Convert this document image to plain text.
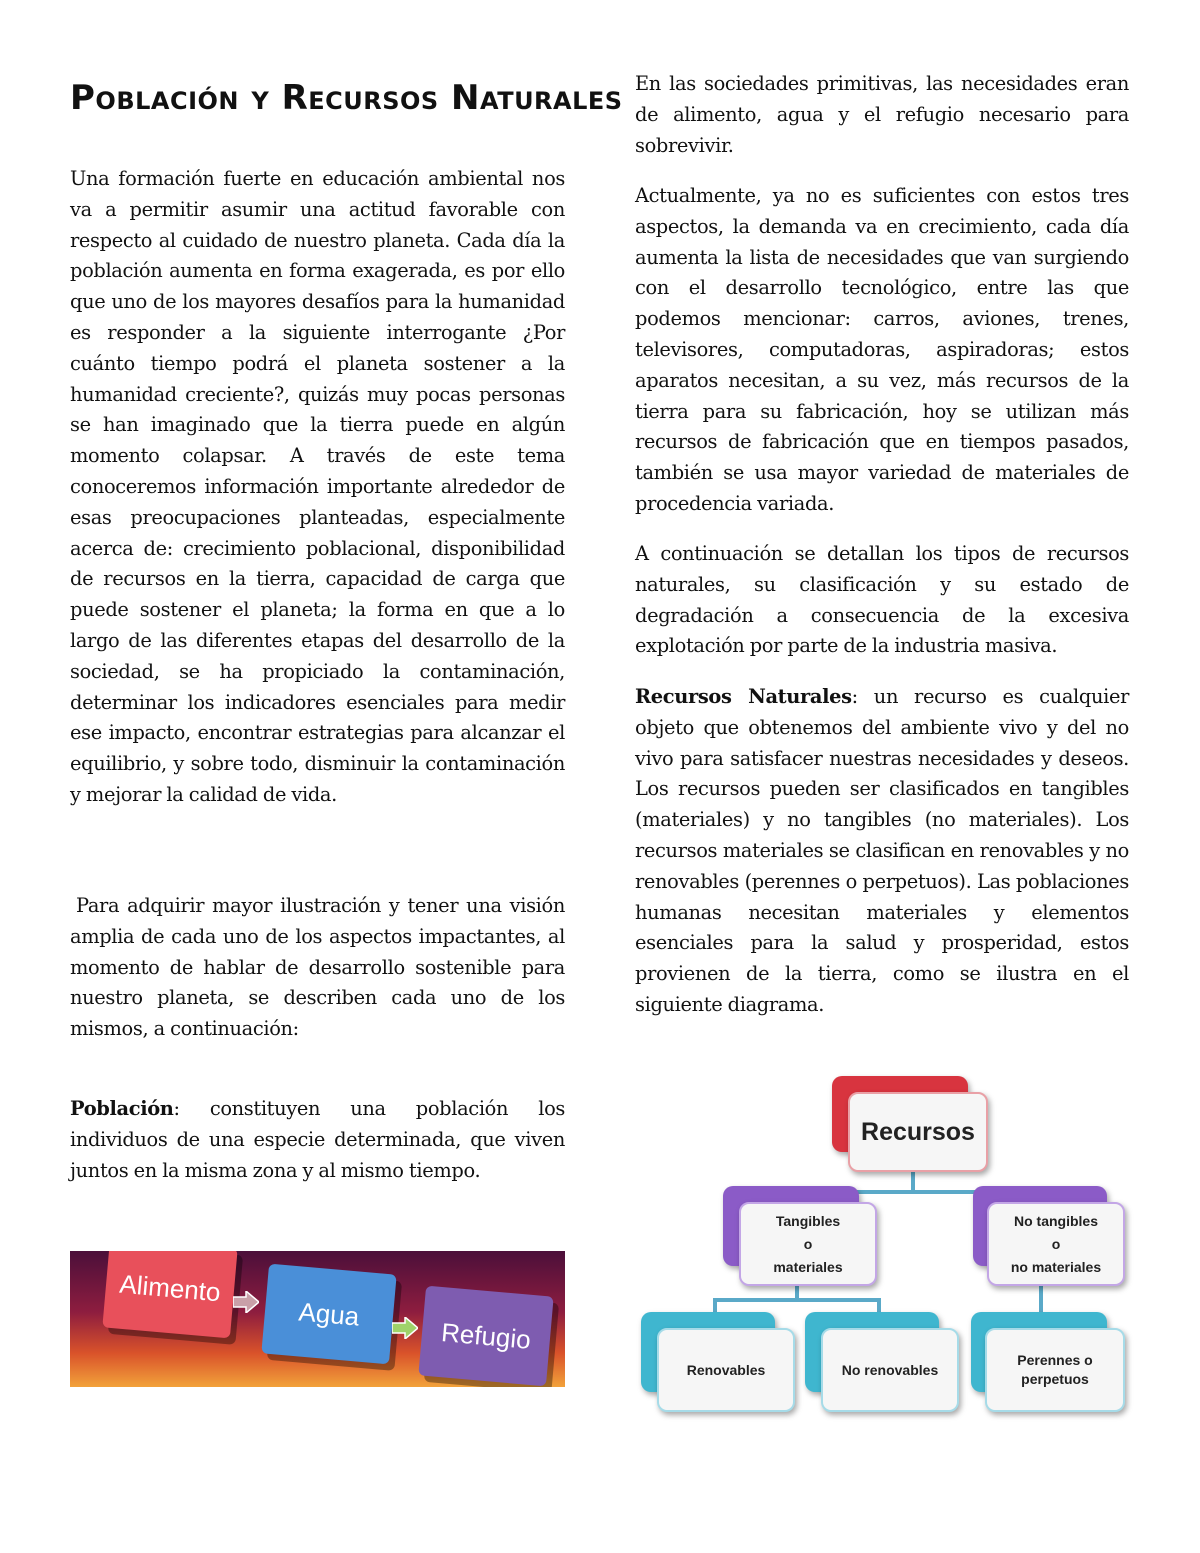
Población y Recursos Naturales

Una formación fuerte en educación ambiental nos va a permitir asumir una actitud favorable con respecto al cuidado de nuestro planeta. Cada día la población aumenta en forma exagerada, es por ello que uno de los mayores desafíos para la humanidad es responder a la siguiente interrogante ¿Por cuánto tiempo podrá el planeta sostener a la humanidad creciente?, quizás muy pocas personas se han imaginado que la tierra puede en algún momento colapsar. A través de este tema conoceremos información importante alrededor de esas preocupaciones planteadas, especialmente acerca de: crecimiento poblacional, disponibilidad de recursos en la tierra, capacidad de carga que puede sostener el planeta; la forma en que a lo largo de las diferentes etapas del desarrollo de la sociedad, se ha propiciado la contaminación, determinar los indicadores esenciales para medir ese impacto, encontrar estrategias para alcanzar el equilibrio, y sobre todo, disminuir la contaminación y mejorar la calidad de vida.

Para adquirir mayor ilustración y tener una visión amplia de cada uno de los aspectos impactantes, al momento de hablar de desarrollo sostenible para nuestro planeta, se describen cada uno de los mismos, a continuación:

Población: constituyen una población los individuos de una especie determinada, que viven juntos en la misma zona y al mismo tiempo.

Alimento
Agua
Refugio

En las sociedades primitivas, las necesidades eran de alimento, agua y el refugio necesario para sobrevivir.

Actualmente, ya no es suficientes con estos tres aspectos, la demanda va en crecimiento, cada día aumenta la lista de necesidades que van surgiendo con el desarrollo tecnológico, entre las que podemos mencionar: carros, aviones, trenes, televisores, computadoras, aspiradoras; estos aparatos necesitan, a su vez, más recursos de la tierra para su fabricación, hoy se utilizan más recursos de fabricación que en tiempos pasados, también se usa mayor variedad de materiales de procedencia variada.

A continuación se detallan los tipos de recursos naturales, su clasificación y su estado de degradación a consecuencia de la excesiva explotación por parte de la industria masiva.

Recursos Naturales: un recurso es cualquier objeto que obtenemos del ambiente vivo y del no vivo para satisfacer nuestras necesidades y deseos. Los recursos pueden ser clasificados en tangibles (materiales) y no tangibles (no materiales). Los recursos materiales se clasifican en renovables y no renovables (perennes o perpetuos). Las poblaciones humanas necesitan materiales y elementos esenciales para la salud y prosperidad, estos provienen de la tierra, como se ilustra en el siguiente diagrama.

Recursos
Tangibles
o
materiales
No tangibles
o
no materiales
Renovables	No renovables
Perennes o
perpetuos
